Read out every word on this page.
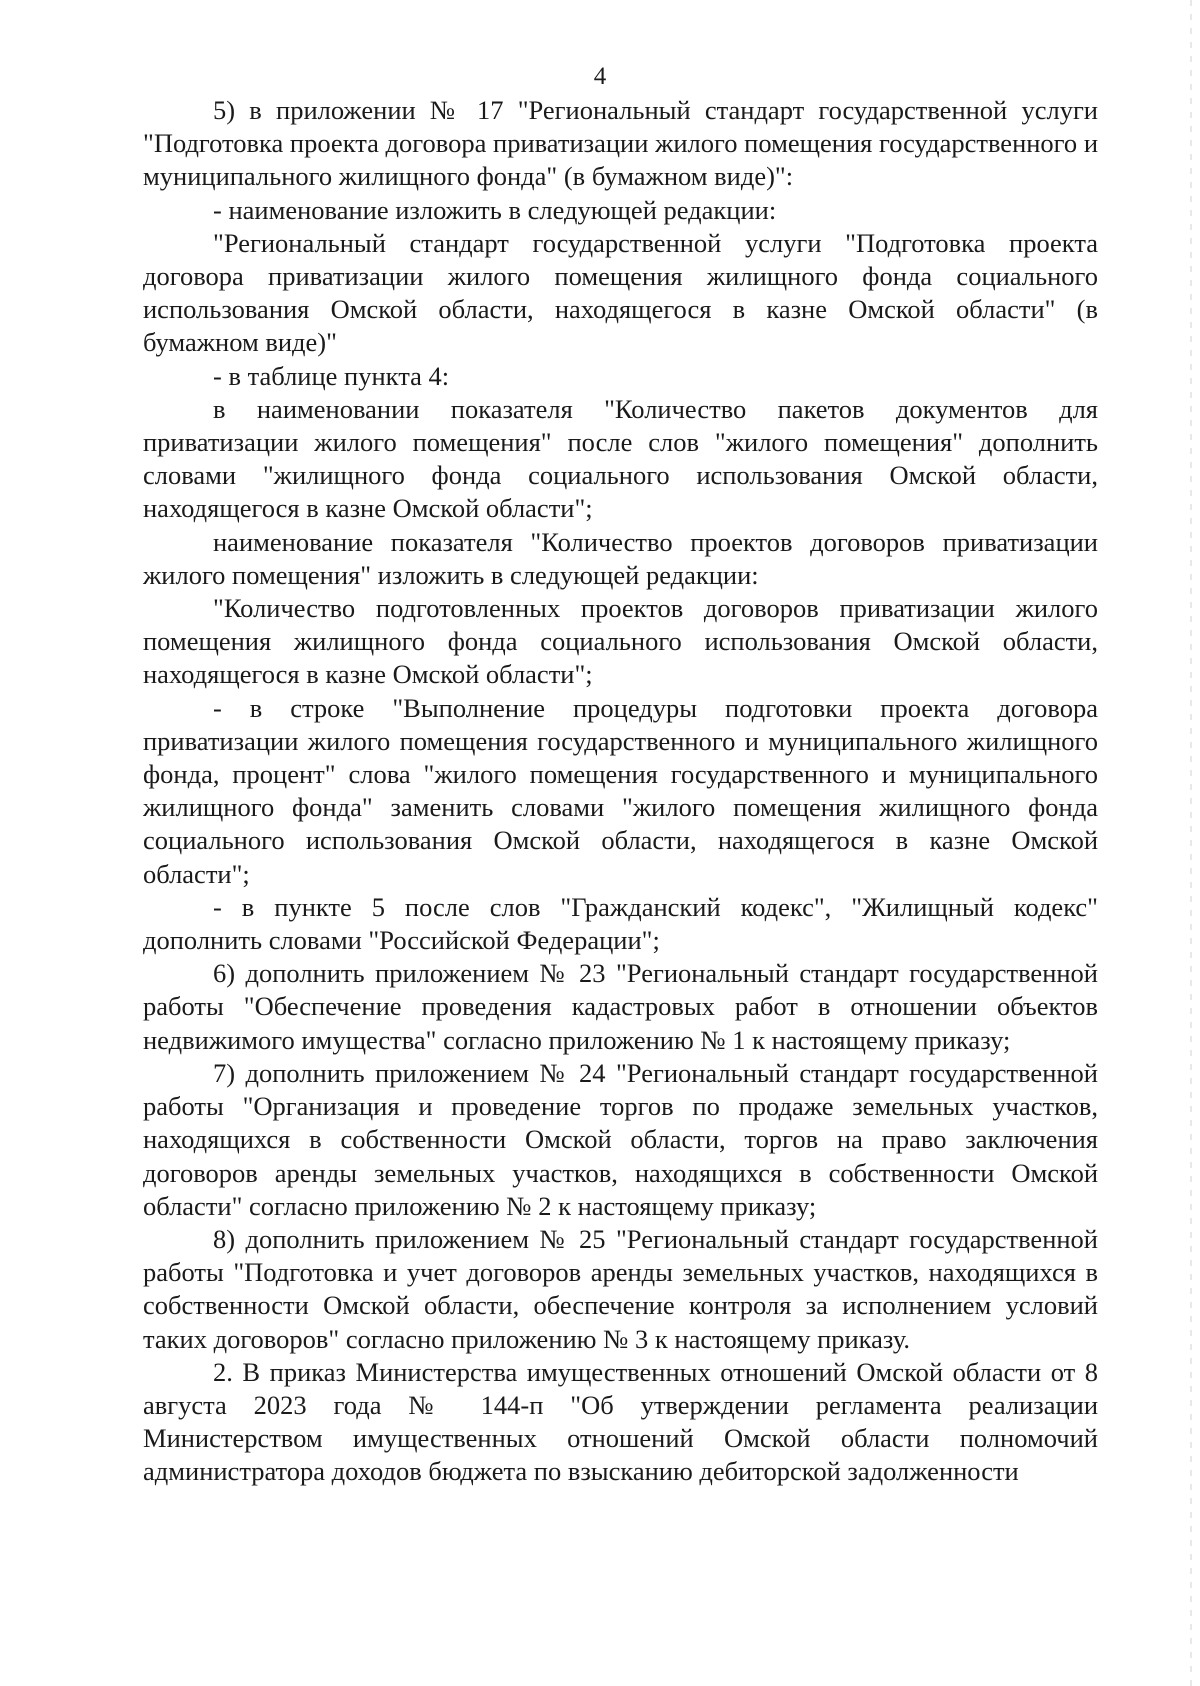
4

5) в приложении № 17 "Региональный стандарт государственной услуги "Подготовка проекта договора приватизации жилого помещения государственного и муниципального жилищного фонда" (в бумажном виде)":

- наименование изложить в следующей редакции:

"Региональный стандарт государственной услуги "Подготовка проекта договора приватизации жилого помещения жилищного фонда социального использования Омской области, находящегося в казне Омской области" (в бумажном виде)"

- в таблице пункта 4:

в наименовании показателя "Количество пакетов документов для приватизации жилого помещения" после слов "жилого помещения" дополнить словами "жилищного фонда социального использования Омской области, находящегося в казне Омской области";

наименование показателя "Количество проектов договоров приватизации жилого помещения" изложить в следующей редакции:

"Количество подготовленных проектов договоров приватизации жилого помещения жилищного фонда социального использования Омской области, находящегося в казне Омской области";

- в строке "Выполнение процедуры подготовки проекта договора приватизации жилого помещения государственного и муниципального жилищного фонда, процент" слова "жилого помещения государственного и муниципального жилищного фонда" заменить словами "жилого помещения жилищного фонда социального использования Омской области, находящегося в казне Омской области";

- в пункте 5 после слов "Гражданский кодекс", "Жилищный кодекс" дополнить словами "Российской Федерации";

6) дополнить приложением № 23 "Региональный стандарт государственной работы "Обеспечение проведения кадастровых работ в отношении объектов недвижимого имущества" согласно приложению № 1 к настоящему приказу;

7) дополнить приложением № 24 "Региональный стандарт государственной работы "Организация и проведение торгов по продаже земельных участков, находящихся в собственности Омской области, торгов на право заключения договоров аренды земельных участков, находящихся в собственности Омской области" согласно приложению № 2 к настоящему приказу;

8) дополнить приложением № 25 "Региональный стандарт государственной работы "Подготовка и учет договоров аренды земельных участков, находящихся в собственности Омской области, обеспечение контроля за исполнением условий таких договоров" согласно приложению № 3 к настоящему приказу.

2. В приказ Министерства имущественных отношений Омской области от 8 августа 2023 года № 144-п "Об утверждении регламента реализации Министерством имущественных отношений Омской области полномочий администратора доходов бюджета по взысканию дебиторской задолженности
